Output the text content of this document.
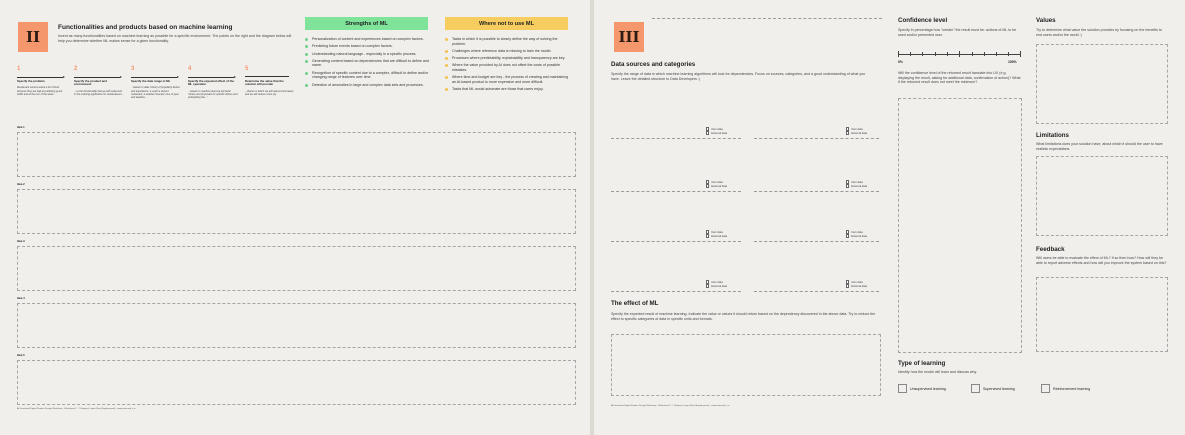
II
Functionalities and products based on machine learning
Invent as many functionalities based on machine learning as possible for a specific environment. The points on the right and the diagram below will help you determine whether ML makes sense for a given functionality.
Strengths of ML
Personalization of content and experiences based on complex factors.
Predicting future events based on complex factors.
Understanding natural language - especially in a specific process.
Generating content based on dependencies that are difficult to define and name.
Recognition of specific content due to a complex, difficult to define and/or changing range of features over time.
Detection of anomalies in large and complex data sets and processes.
Where not to use ML
Tasks in which it is possible to clearly define the way of solving the problem.
Challenges where reference data is missing to train the model.
Processes where predictability, explainability and transparency are key.
Where the value provided by AI does not offset the costs of possible mistakes.
Where time and budget are key - the process of creating and maintaining an AI-based product is more expensive and more difficult.
Tasks that ML would automate are those that users enjoy.
1
Specify the problem
Restaurant owners waste a lot of food because they are bad at predicting guest traffic and at the turn of the week...
2
Specify the product and environment
...so the functionality that we will implement in the ordering application for restaurateurs...
3
Specify the data range to ML
...based on data: history of popularity dishes and ingredients; a small or absent restaurant; a weather forecast; time of year and weather...
4
Specify the expected effect of the ML operation
...based on machine learning will build 'shows and proposals for specific dishes and anticipating the...'
5
Determine the value that the solution will provide
...thanks to which we will reduce food waste and we will reduce costs (1).
Idea 1
Idea 2
Idea 3
Idea 4
Idea 5
Ai Functional Digital Product Design Workshop · Worksheet 2 · © Netguru, Lopez Ruiz (Kaplan.pavel) · www.netscard_c.io
III
Data sources and categories
Specify the range of data in which machine learning algorithms will look for dependencies. Focus on sources, categories, and a good understanding of what you have. Leave the detailed structure to Data Developers :)
Own data
External data
Own data
External data
Own data
External data
Own data
External data
Own data
External data
Own data
External data
Own data
External data
Own data
External data
The effect of ML
Specify the expected result of machine learning. Indicate the value or values it should return based on the dependency discovered in the above data. Try to reduce the effect to specific categories of data in specific units and formats.
Ai Functional Digital Product Design Workshop · Worksheet 3 · © Netguru, Lopez Ruiz (Kaplan.pavel) · www.netscard_c.io
Confidence level
Specify in percentage how "certain" the result must be: actions of ML to be used and/or presented user.
0%	100%
Will the confidence level of the returned result translate into UX (e.g. displaying the result, asking for additional data, confirmation of action)? What if the returned result does not meet the minimum?
Type of learning
Identify how the model will learn and discuss why.
Unsupervised learning	Supervised learning	Reinforcement learning
Values
Try to determine what value the solution provides by focusing on the benefits to end users and/or the world :)
Limitations
What limitations does your solution have, about which it should the user to have realistic expectations.
Feedback
Will users be able to evaluate the effect of ML? If so then how? How will they be able to report adverse effects and how will you improve the system based on this?
